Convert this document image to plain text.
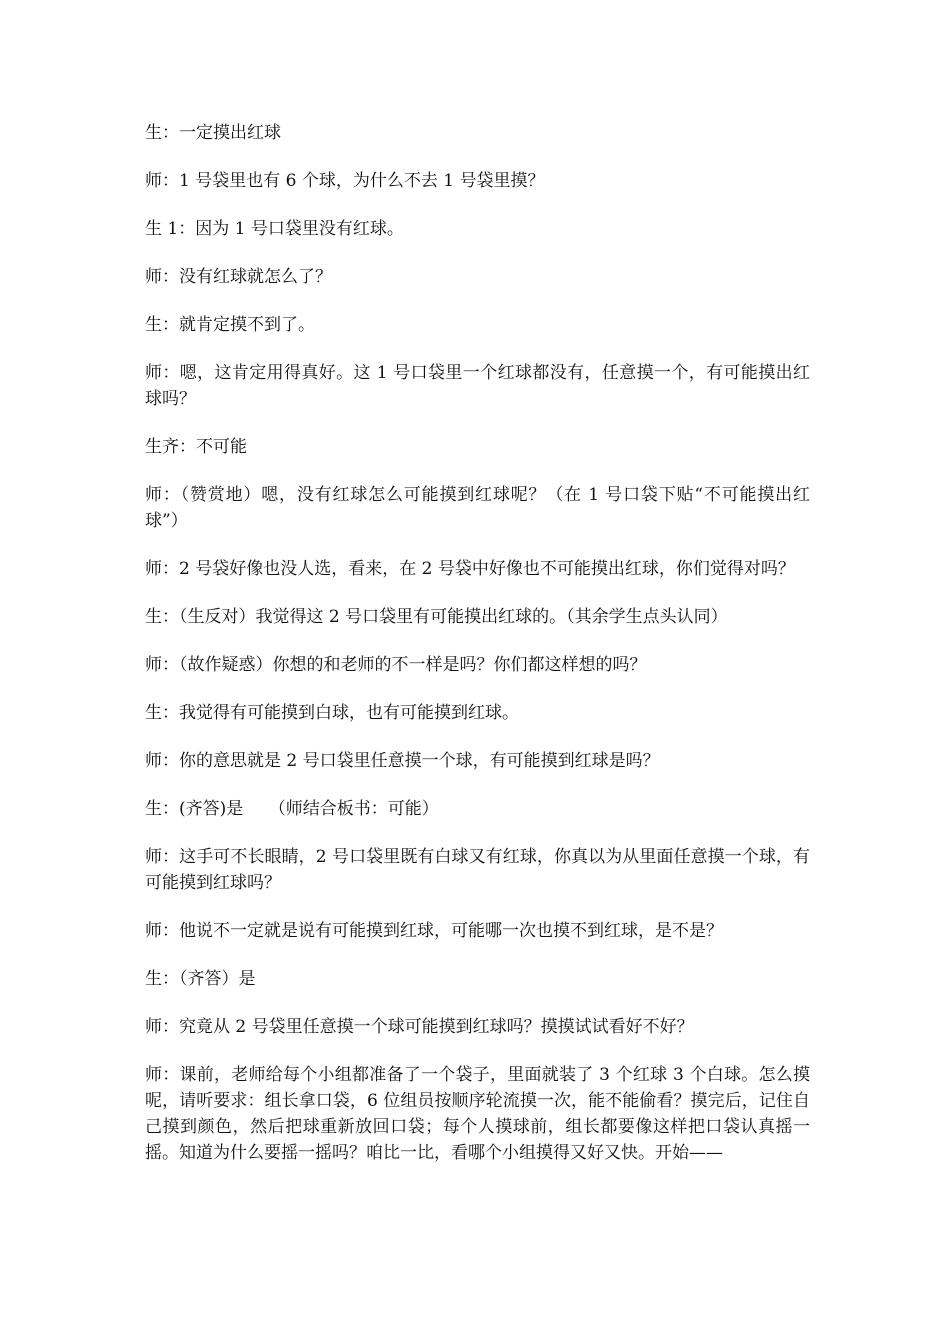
生：一定摸出红球

师：1 号袋里也有 6 个球，为什么不去 1 号袋里摸？

生 1：因为 1 号口袋里没有红球。

师：没有红球就怎么了？

生：就肯定摸不到了。

师：嗯，这肯定用得真好。这 1 号口袋里一个红球都没有，任意摸一个，有可能摸出红球吗？

生齐：不可能

师：（赞赏地）嗯，没有红球怎么可能摸到红球呢？（在 1 号口袋下贴“不可能摸出红球”）

师：2 号袋好像也没人选，看来，在 2 号袋中好像也不可能摸出红球，你们觉得对吗？

生：（生反对）我觉得这 2 号口袋里有可能摸出红球的。（其余学生点头认同）

师：（故作疑惑）你想的和老师的不一样是吗？你们都这样想的吗？

生：我觉得有可能摸到白球，也有可能摸到红球。

师：你的意思就是 2 号口袋里任意摸一个球，有可能摸到红球是吗？

生：(齐答)是　　（师结合板书：可能）

师：这手可不长眼睛，2 号口袋里既有白球又有红球，你真以为从里面任意摸一个球，有可能摸到红球吗？

师：他说不一定就是说有可能摸到红球，可能哪一次也摸不到红球，是不是？

生：（齐答）是

师：究竟从 2 号袋里任意摸一个球可能摸到红球吗？摸摸试试看好不好？

师：课前，老师给每个小组都准备了一个袋子，里面就装了 3 个红球 3 个白球。怎么摸呢，请听要求：组长拿口袋，6 位组员按顺序轮流摸一次，能不能偷看？摸完后，记住自己摸到颜色，然后把球重新放回口袋；每个人摸球前，组长都要像这样把口袋认真摇一摇。知道为什么要摇一摇吗？咱比一比，看哪个小组摸得又好又快。开始——
